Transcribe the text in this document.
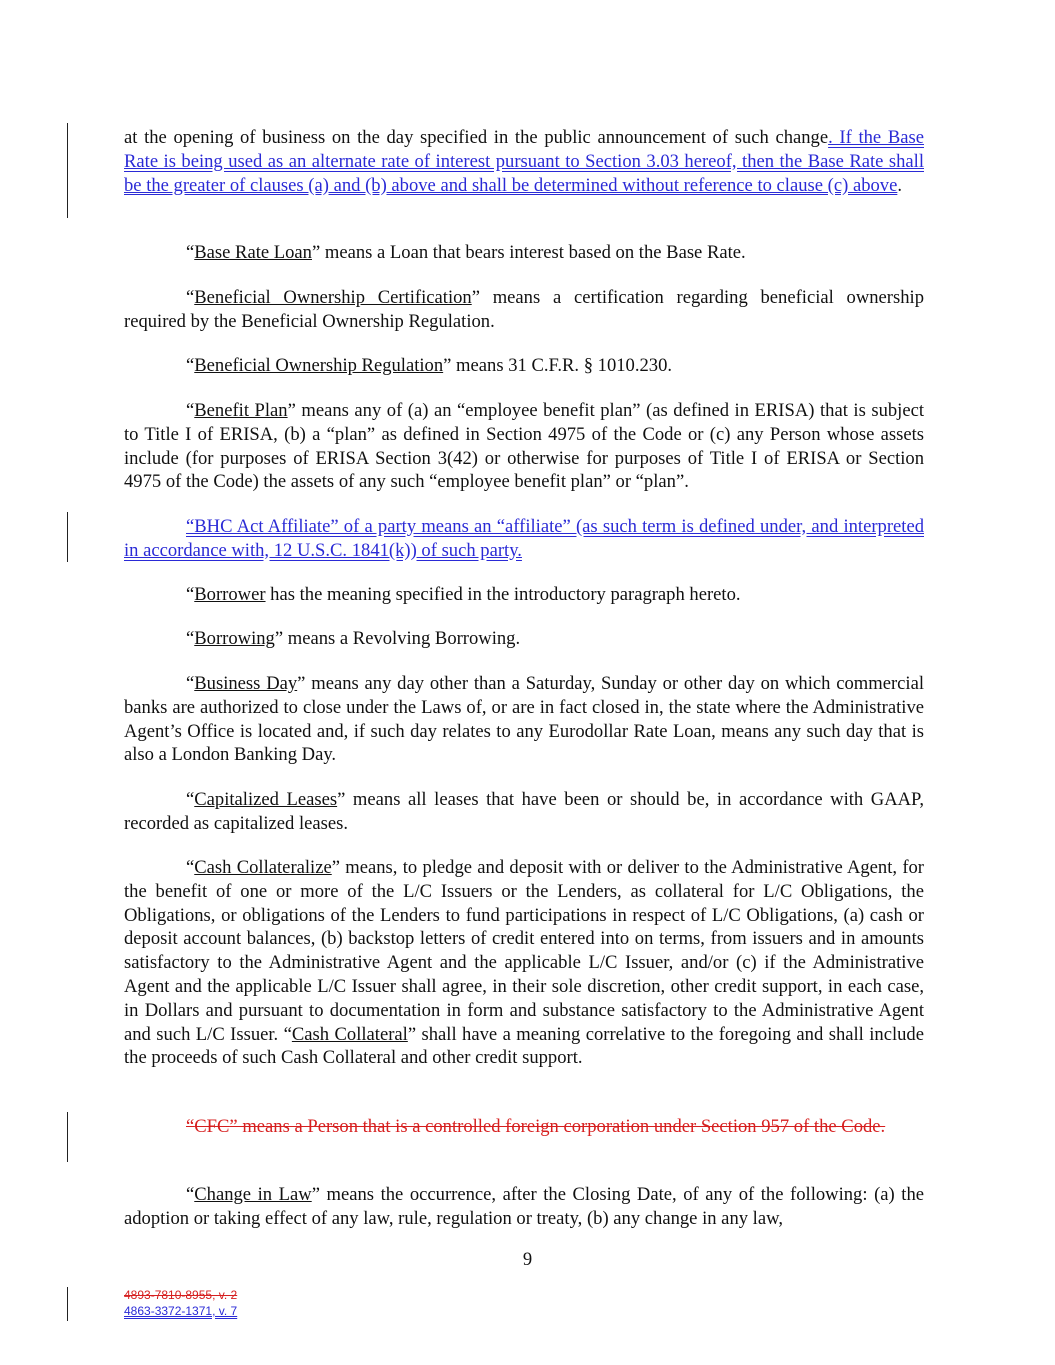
at the opening of business on the day specified in the public announcement of such change. If the Base Rate is being used as an alternate rate of interest pursuant to Section 3.03 hereof, then the Base Rate shall be the greater of clauses (a) and (b) above and shall be determined without reference to clause (c) above.

“Base Rate Loan” means a Loan that bears interest based on the Base Rate.

“Beneficial Ownership Certification” means a certification regarding beneficial ownership required by the Beneficial Ownership Regulation.

“Beneficial Ownership Regulation” means 31 C.F.R. § 1010.230.

“Benefit Plan” means any of (a) an “employee benefit plan” (as defined in ERISA) that is subject to Title I of ERISA, (b) a “plan” as defined in Section 4975 of the Code or (c) any Person whose assets include (for purposes of ERISA Section 3(42) or otherwise for purposes of Title I of ERISA or Section 4975 of the Code) the assets of any such “employee benefit plan” or “plan”.

“BHC Act Affiliate” of a party means an “affiliate” (as such term is defined under, and interpreted in accordance with, 12 U.S.C. 1841(k)) of such party.

“Borrower has the meaning specified in the introductory paragraph hereto.

“Borrowing” means a Revolving Borrowing.

“Business Day” means any day other than a Saturday, Sunday or other day on which commercial banks are authorized to close under the Laws of, or are in fact closed in, the state where the Administrative Agent’s Office is located and, if such day relates to any Eurodollar Rate Loan, means any such day that is also a London Banking Day.

“Capitalized Leases” means all leases that have been or should be, in accordance with GAAP, recorded as capitalized leases.

“Cash Collateralize” means, to pledge and deposit with or deliver to the Administrative Agent, for the benefit of one or more of the L/C Issuers or the Lenders, as collateral for L/C Obligations, the Obligations, or obligations of the Lenders to fund participations in respect of L/C Obligations, (a) cash or deposit account balances, (b) backstop letters of credit entered into on terms, from issuers and in amounts satisfactory to the Administrative Agent and the applicable L/C Issuer, and/or (c) if the Administrative Agent and the applicable L/C Issuer shall agree, in their sole discretion, other credit support, in each case, in Dollars and pursuant to documentation in form and substance satisfactory to the Administrative Agent and such L/C Issuer. “Cash Collateral” shall have a meaning correlative to the foregoing and shall include the proceeds of such Cash Collateral and other credit support.

“CFC” means a Person that is a controlled foreign corporation under Section 957 of the Code.

“Change in Law” means the occurrence, after the Closing Date, of any of the following: (a) the adoption or taking effect of any law, rule, regulation or treaty, (b) any change in any law,

9
4893-7810-8955, v. 2
4863-3372-1371, v. 7
